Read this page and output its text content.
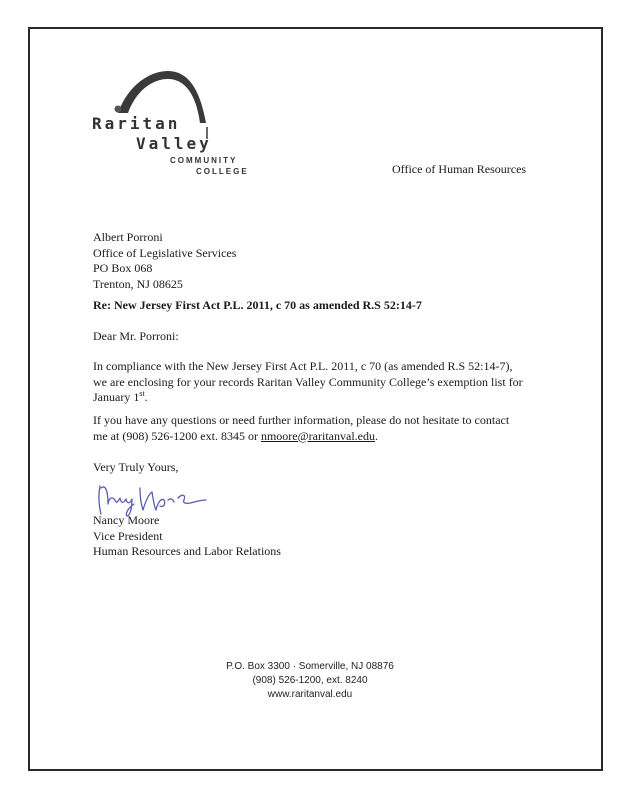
Raritan
Valley
COMMUNITY
COLLEGE	Office of Human Resources
Albert Porroni
Office of Legislative Services
PO Box 068
Trenton, NJ 08625
Re: New Jersey First Act P.L. 2011, c 70 as amended R.S 52:14-7
Dear Mr. Porroni:
In compliance with the New Jersey First Act P.L. 2011, c 70 (as amended R.S 52:14-7),
we are enclosing for your records Raritan Valley Community College’s exemption list for
January 1st.
If you have any questions or need further information, please do not hesitate to contact
me at (908) 526-1200 ext. 8345 or nmoore@raritanval.edu.
Very Truly Yours,
Nancy Moore
Vice President
Human Resources and Labor Relations
P.O. Box 3300 · Somerville, NJ 08876
(908) 526-1200, ext. 8240
www.raritanval.edu
